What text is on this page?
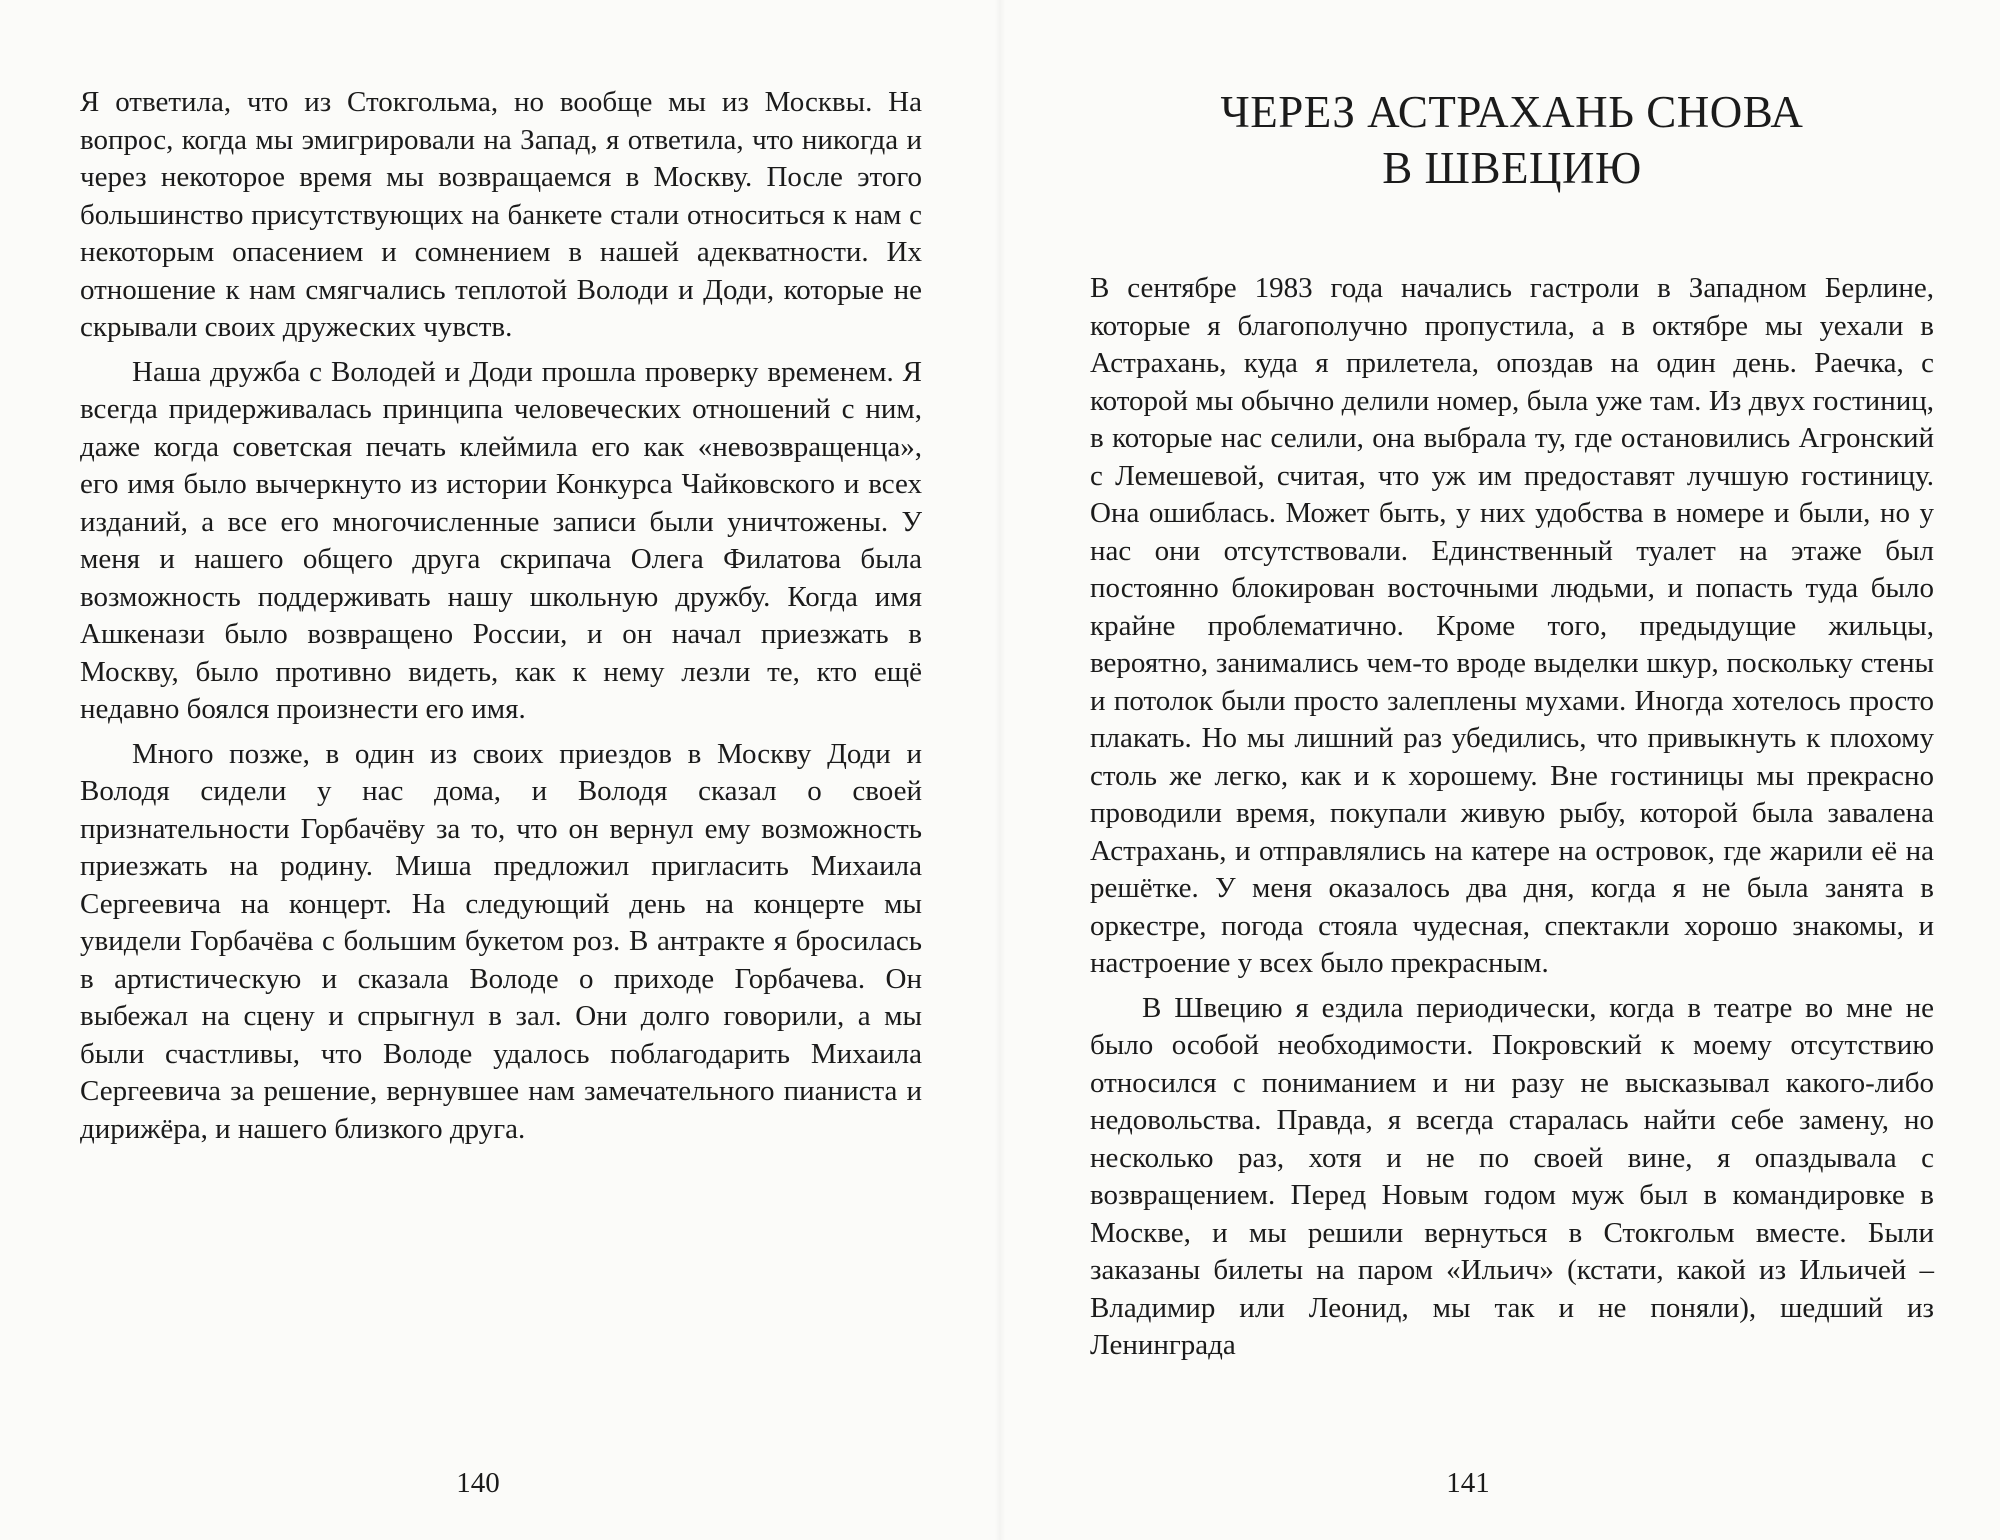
Я ответила, что из Стокгольма, но вообще мы из Москвы. На вопрос, когда мы эмигрировали на Запад, я ответила, что никогда и через некоторое время мы возвращаемся в Москву. После этого большинство присутствующих на банкете стали относиться к нам с некоторым опасением и сомнением в нашей адекватности. Их отношение к нам смягчались теплотой Володи и Доди, которые не скрывали своих дружеских чувств.

Наша дружба с Володей и Доди прошла проверку временем. Я всегда придерживалась принципа человеческих отношений с ним, даже когда советская печать клеймила его как «невозвращенца», его имя было вычеркнуто из истории Конкурса Чайковского и всех изданий, а все его многочисленные записи были уничтожены. У меня и нашего общего друга скрипача Олега Филатова была возможность поддерживать нашу школьную дружбу. Когда имя Ашкенази было возвращено России, и он начал приезжать в Москву, было противно видеть, как к нему лезли те, кто ещё недавно боялся произнести его имя.

Много позже, в один из своих приездов в Москву Доди и Володя сидели у нас дома, и Володя сказал о своей признательности Горбачёву за то, что он вернул ему возможность приезжать на родину. Миша предложил пригласить Михаила Сергеевича на концерт. На следующий день на концерте мы увидели Горбачёва с большим букетом роз. В антракте я бросилась в артистическую и сказала Володе о приходе Горбачева. Он выбежал на сцену и спрыгнул в зал. Они долго говорили, а мы были счастливы, что Володе удалось поблагодарить Михаила Сергеевича за решение, вернувшее нам замечательного пианиста и дирижёра, и нашего близкого друга.

140
ЧЕРЕЗ АСТРАХАНЬ СНОВА
В ШВЕЦИЮ

В сентябре 1983 года начались гастроли в Западном Берлине, которые я благополучно пропустила, а в октябре мы уехали в Астрахань, куда я прилетела, опоздав на один день. Раечка, с которой мы обычно делили номер, была уже там. Из двух гостиниц, в которые нас селили, она выбрала ту, где остановились Агронский с Лемешевой, считая, что уж им предоставят лучшую гостиницу. Она ошиблась. Может быть, у них удобства в номере и были, но у нас они отсутствовали. Единственный туалет на этаже был постоянно блокирован восточными людьми, и попасть туда было крайне проблематично. Кроме того, предыдущие жильцы, вероятно, занимались чем-то вроде выделки шкур, поскольку стены и потолок были просто залеплены мухами. Иногда хотелось просто плакать. Но мы лишний раз убедились, что привыкнуть к плохому столь же легко, как и к хорошему. Вне гостиницы мы прекрасно проводили время, покупали живую рыбу, которой была завалена Астрахань, и отправлялись на катере на островок, где жарили её на решётке. У меня оказалось два дня, когда я не была занята в оркестре, погода стояла чудесная, спектакли хорошо знакомы, и настроение у всех было прекрасным.

В Швецию я ездила периодически, когда в театре во мне не было особой необходимости. Покровский к моему отсутствию относился с пониманием и ни разу не высказывал какого-либо недовольства. Правда, я всегда старалась найти себе замену, но несколько раз, хотя и не по своей вине, я опаздывала с возвращением. Перед Новым годом муж был в командировке в Москве, и мы решили вернуться в Стокгольм вместе. Были заказаны билеты на паром «Ильич» (кстати, какой из Ильичей – Владимир или Леонид, мы так и не поняли), шедший из Ленинграда

141
